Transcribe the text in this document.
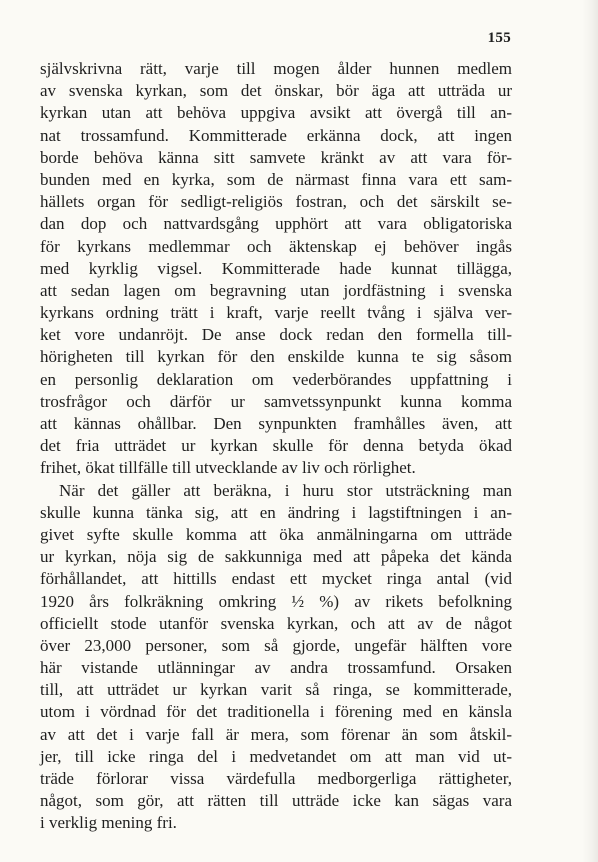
155
självskrivna rätt, varje till mogen ålder hunnen medlem
av svenska kyrkan, som det önskar, bör äga att utträda ur
kyrkan utan att behöva uppgiva avsikt att övergå till an-
nat trossamfund. Kommitterade erkänna dock, att ingen
borde behöva känna sitt samvete kränkt av att vara för-
bunden med en kyrka, som de närmast finna vara ett sam-
hällets organ för sedligt-religiös fostran, och det särskilt se-
dan dop och nattvardsgång upphört att vara obligatoriska
för kyrkans medlemmar och äktenskap ej behöver ingås
med kyrklig vigsel. Kommitterade hade kunnat tillägga,
att sedan lagen om begravning utan jordfästning i svenska
kyrkans ordning trätt i kraft, varje reellt tvång i själva ver-
ket vore undanröjt. De anse dock redan den formella till-
hörigheten till kyrkan för den enskilde kunna te sig såsom
en personlig deklaration om vederbörandes uppfattning i
trosfrågor och därför ur samvetssynpunkt kunna komma
att kännas ohållbar. Den synpunkten framhålles även, att
det fria utträdet ur kyrkan skulle för denna betyda ökad
frihet, ökat tillfälle till utvecklande av liv och rörlighet.
När det gäller att beräkna, i huru stor utsträckning man
skulle kunna tänka sig, att en ändring i lagstiftningen i an-
givet syfte skulle komma att öka anmälningarna om utträde
ur kyrkan, nöja sig de sakkunniga med att påpeka det kända
förhållandet, att hittills endast ett mycket ringa antal (vid
1920 års folkräkning omkring ½ %) av rikets befolkning
officiellt stode utanför svenska kyrkan, och att av de något
över 23,000 personer, som så gjorde, ungefär hälften vore
här vistande utlänningar av andra trossamfund. Orsaken
till, att utträdet ur kyrkan varit så ringa, se kommitterade,
utom i vördnad för det traditionella i förening med en känsla
av att det i varje fall är mera, som förenar än som åtskil-
jer, till icke ringa del i medvetandet om att man vid ut-
träde förlorar vissa värdefulla medborgerliga rättigheter,
något, som gör, att rätten till utträde icke kan sägas vara
i verklig mening fri.
